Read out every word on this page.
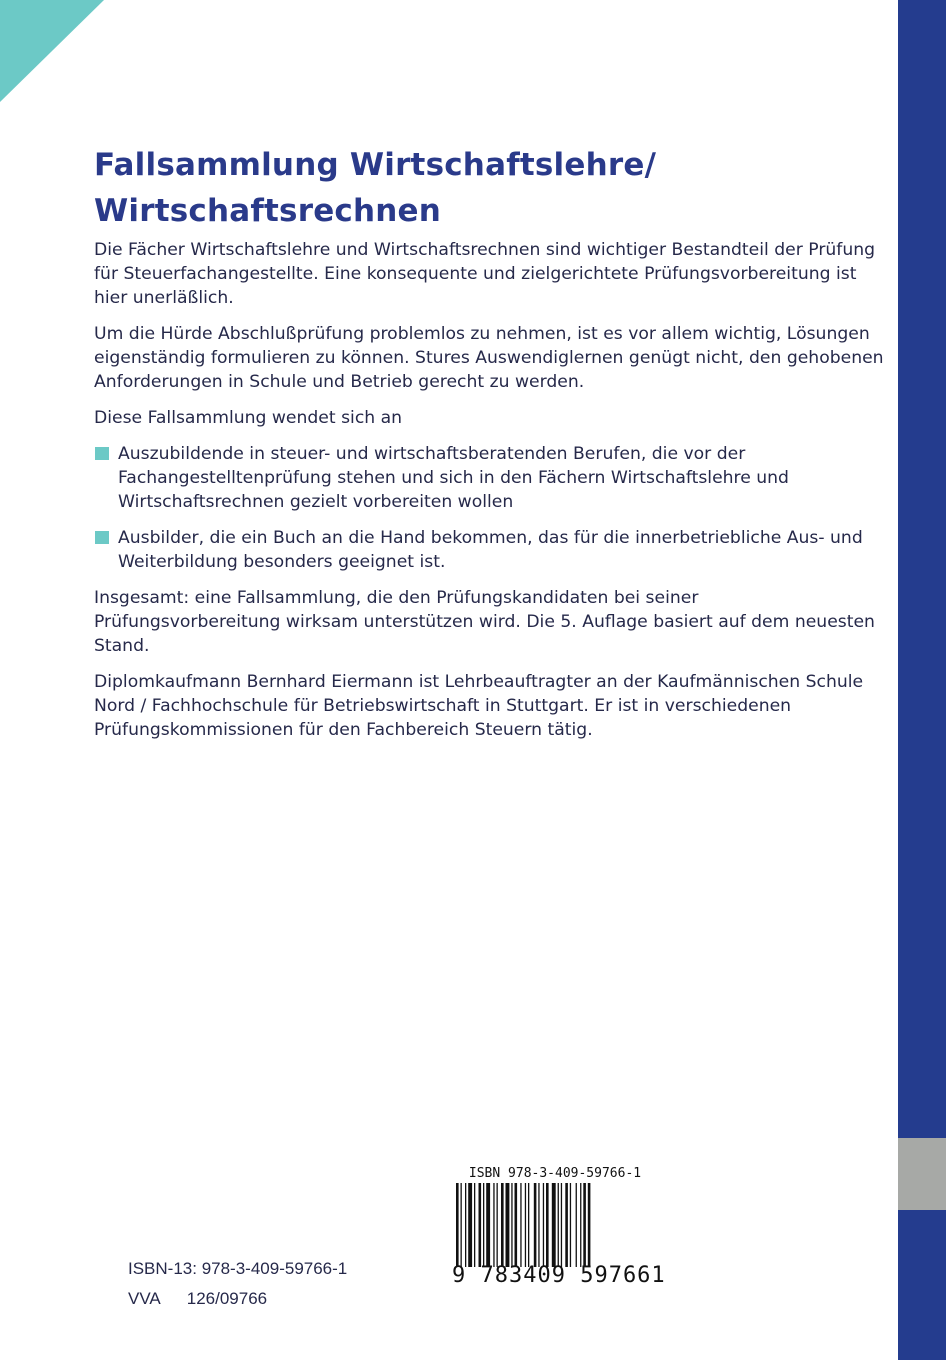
Fallsammlung Wirtschaftslehre/
Wirtschaftsrechnen

Die Fächer Wirtschaftslehre und Wirtschaftsrechnen sind wichtiger Bestandteil der Prüfung für Steuerfachangestellte. Eine konsequente und zielgerichtete Prüfungsvorbereitung ist hier unerläßlich.

Um die Hürde Abschlußprüfung problemlos zu nehmen, ist es vor allem wichtig, Lösungen eigenständig formulieren zu können. Stures Auswendiglernen genügt nicht, den gehobenen Anforderungen in Schule und Betrieb gerecht zu werden.

Diese Fallsammlung wendet sich an

Auszubildende in steuer- und wirtschaftsberatenden Berufen, die vor der Fachangestelltenprüfung stehen und sich in den Fächern Wirtschaftslehre und Wirtschaftsrechnen gezielt vorbereiten wollen

Ausbilder, die ein Buch an die Hand bekommen, das für die innerbetriebliche Aus- und Weiterbildung besonders geeignet ist.

Insgesamt: eine Fallsammlung, die den Prüfungskandidaten bei seiner Prüfungsvorbereitung wirksam unterstützen wird. Die 5. Auflage basiert auf dem neuesten Stand.

Diplomkaufmann Bernhard Eiermann ist Lehrbeauftragter an der Kaufmännischen Schule Nord / Fachhochschule für Betriebswirtschaft in Stuttgart. Er ist in verschiedenen Prüfungskommissionen für den Fachbereich Steuern tätig.

ISBN-13: 978-3-409-59766-1
VVA 126/09766
ISBN 978-3-409-59766-1
9 783409 597661
